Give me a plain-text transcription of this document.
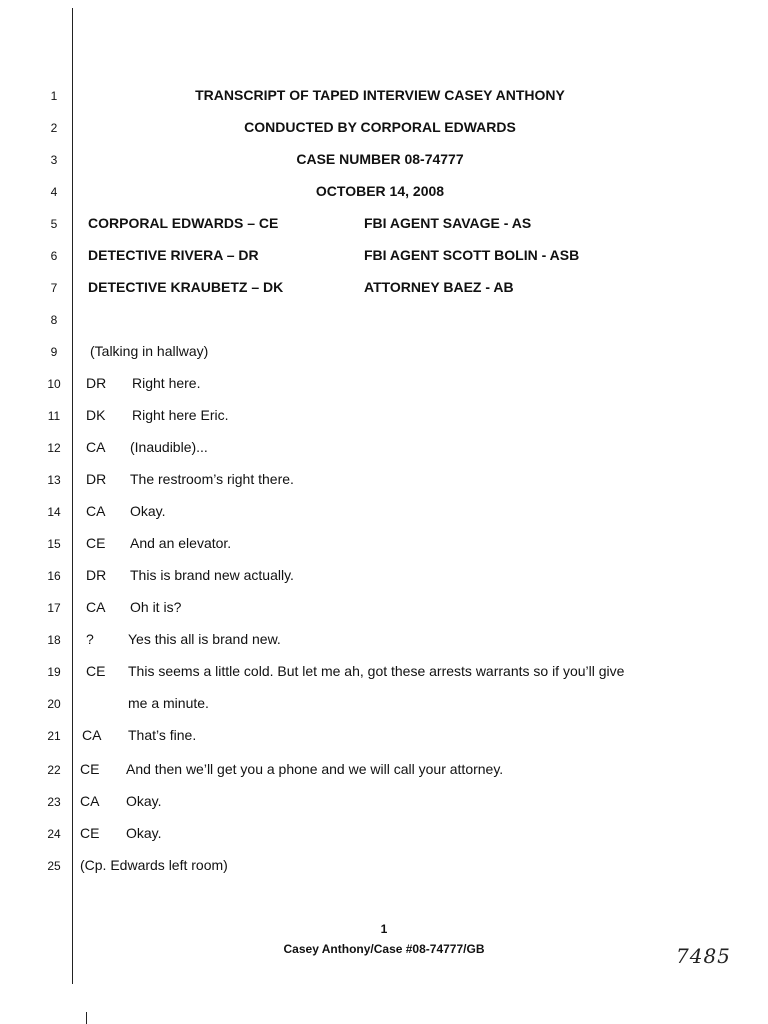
1	TRANSCRIPT OF TAPED INTERVIEW CASEY ANTHONY
2	CONDUCTED BY CORPORAL EDWARDS
3	CASE NUMBER 08-74777
4	OCTOBER 14, 2008
5	CORPORAL EDWARDS – CE	FBI AGENT SAVAGE - AS
6	DETECTIVE RIVERA – DR	FBI AGENT SCOTT BOLIN - ASB
7	DETECTIVE KRAUBETZ – DK	ATTORNEY BAEZ - AB
8
9	(Talking in hallway)
10	DR Right here.
11	DK Right here Eric.
12	CA (Inaudible)...
13	DR The restroom’s right there.
14	CA Okay.
15	CE And an elevator.
16	DR This is brand new actually.
17	CA Oh it is?
18	? Yes this all is brand new.
19	CE This seems a little cold. But let me ah, got these arrests warrants so if you’ll give
20	me a minute.
21	CA That’s fine.
22	CE And then we’ll get you a phone and we will call your attorney.
23	CA Okay.
24	CE Okay.
25	(Cp. Edwards left room)
1
Casey Anthony/Case #08-74777/GB	7485
